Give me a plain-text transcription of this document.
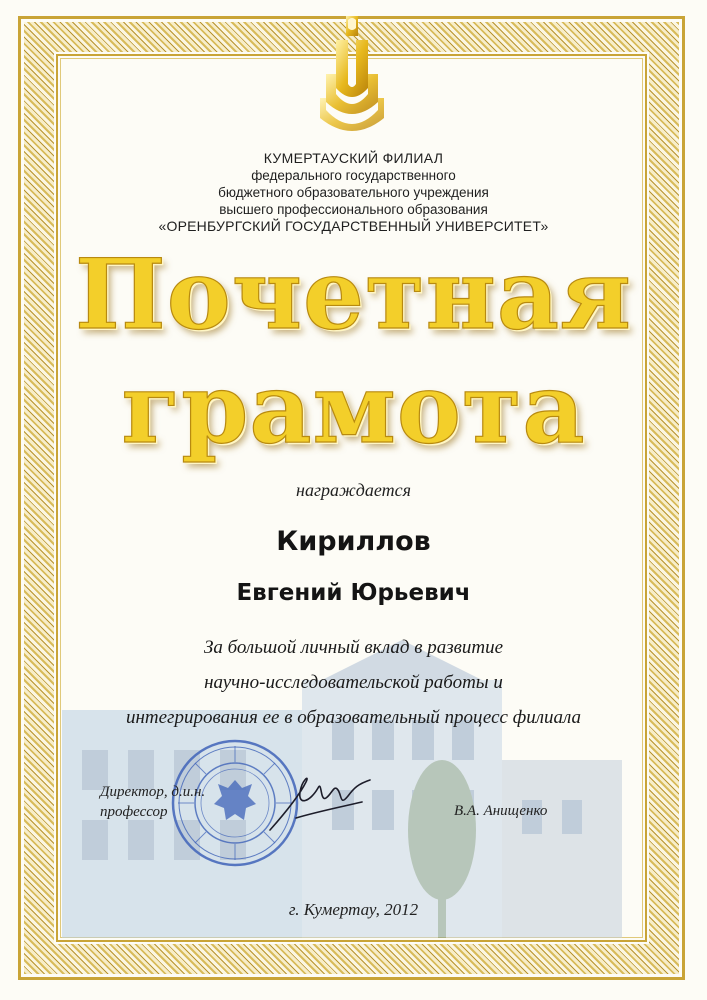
КУМЕРТАУСКИЙ ФИЛИАЛ
федерального государственного
бюджетного образовательного учреждения
высшего профессионального образования
«ОРЕНБУРГСКИЙ ГОСУДАРСТВЕННЫЙ УНИВЕРСИТЕТ»
Почетная
грамота
награждается
Кириллов
Евгений Юрьевич
За большой личный вклад в развитие
научно-исследовательской работы и
интегрирования ее в образовательный процесс филиала
Директор, д.и.н.
профессор	В.А. Анищенко
г. Кумертау, 2012
